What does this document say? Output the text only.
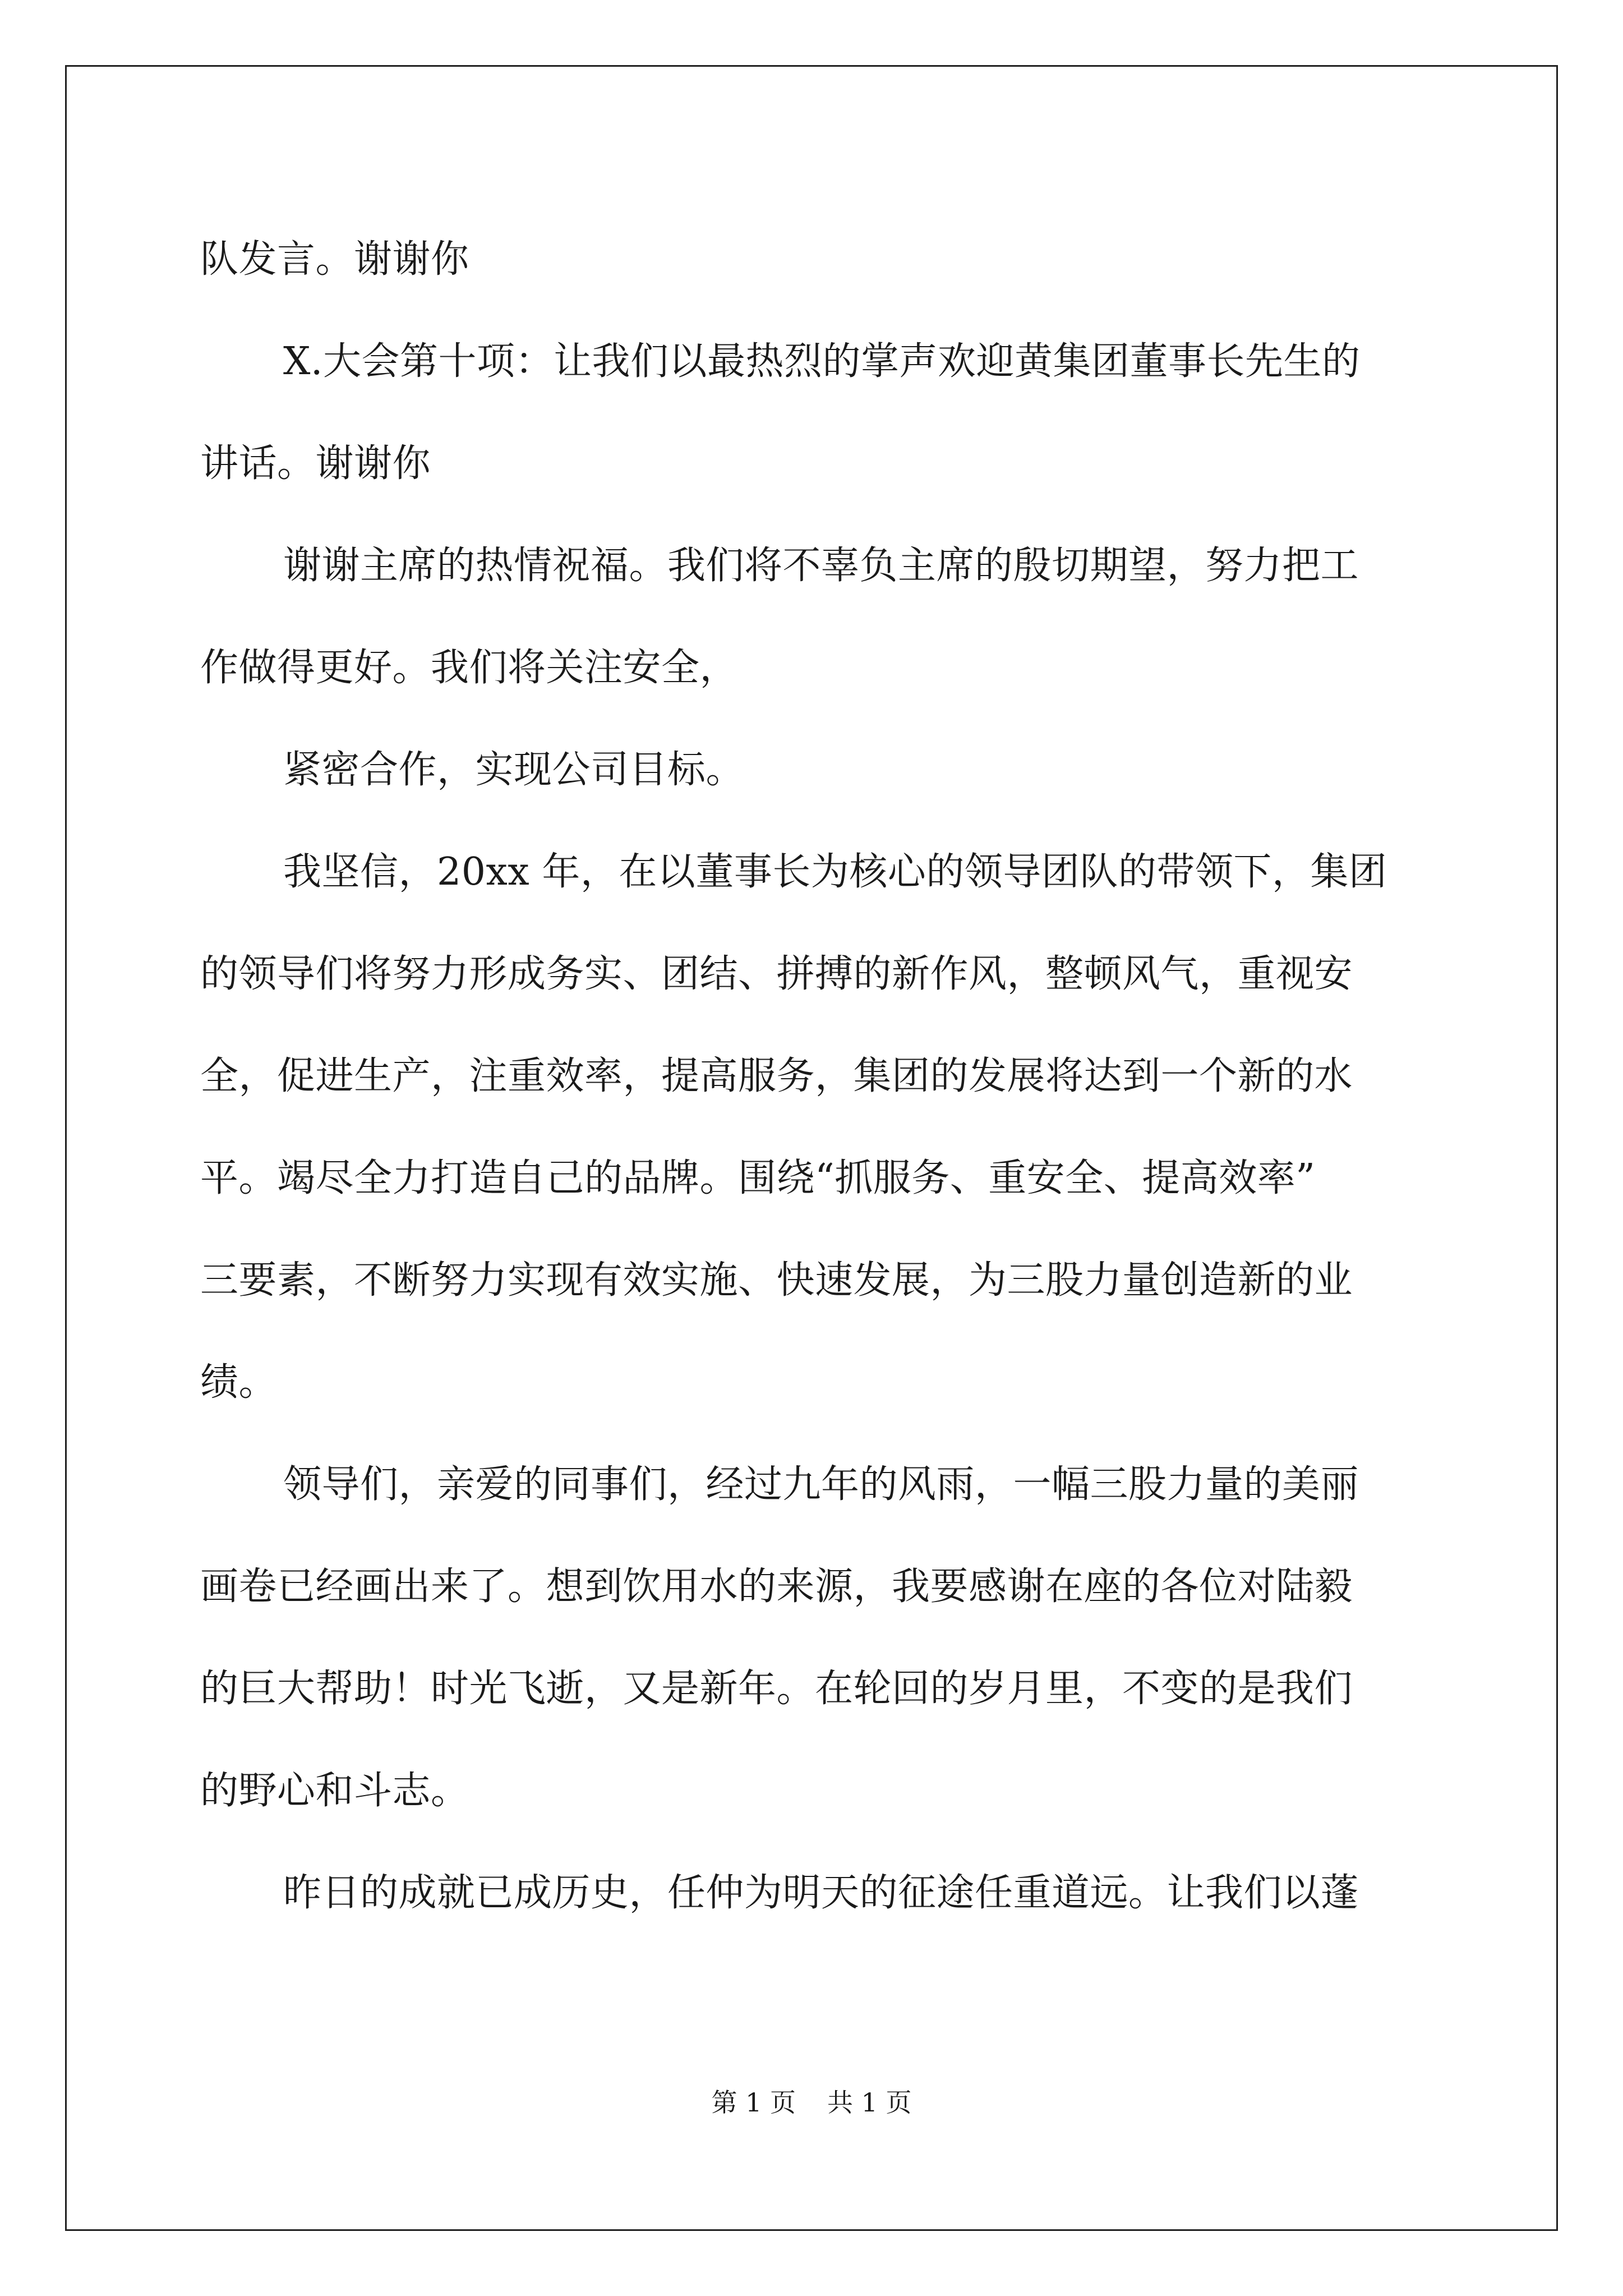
队发言。谢谢你

X.大会第十项：让我们以最热烈的掌声欢迎黄集团董事长先生的

讲话。谢谢你

谢谢主席的热情祝福。我们将不辜负主席的殷切期望，努力把工

作做得更好。我们将关注安全，

紧密合作，实现公司目标。

我坚信，20xx 年，在以董事长为核心的领导团队的带领下，集团

的领导们将努力形成务实、团结、拼搏的新作风，整顿风气，重视安

全，促进生产，注重效率，提高服务，集团的发展将达到一个新的水

平。竭尽全力打造自己的品牌。围绕“抓服务、重安全、提高效率”

三要素，不断努力实现有效实施、快速发展，为三股力量创造新的业

绩。

领导们，亲爱的同事们，经过九年的风雨，一幅三股力量的美丽

画卷已经画出来了。想到饮用水的来源，我要感谢在座的各位对陆毅

的巨大帮助！时光飞逝，又是新年。在轮回的岁月里，不变的是我们

的野心和斗志。

昨日的成就已成历史，任仲为明天的征途任重道远。让我们以蓬

第 1 页 共 1 页
